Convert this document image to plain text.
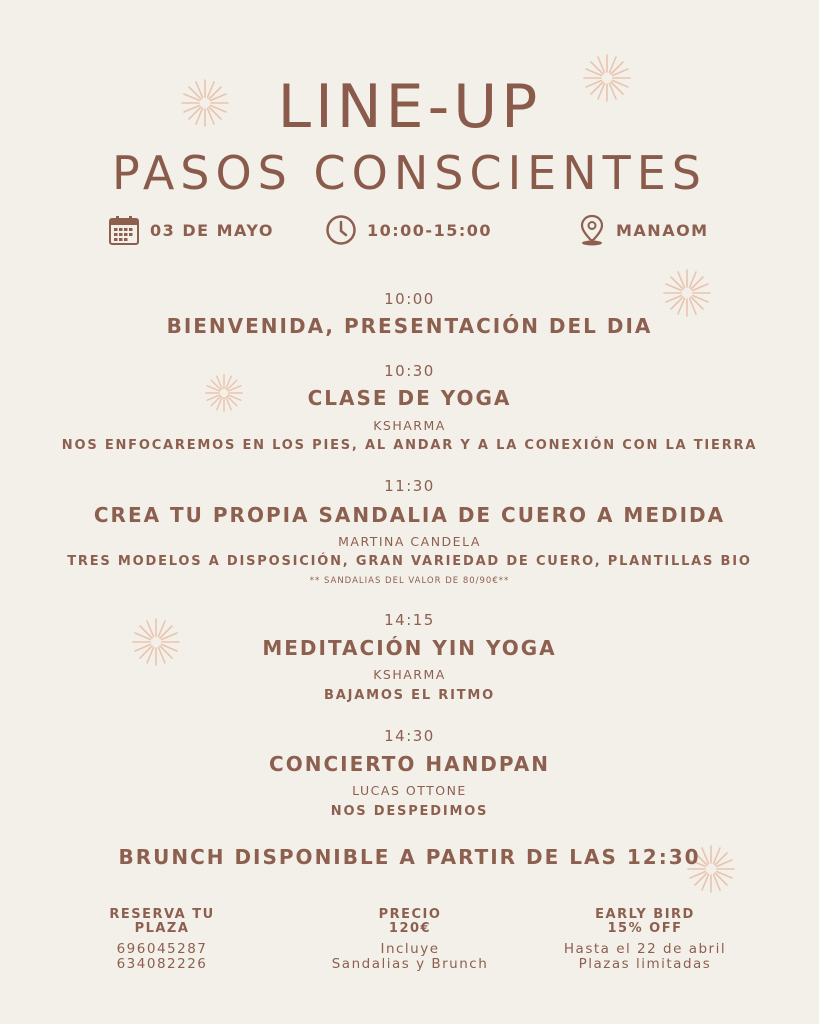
LINE-UP
PASOS CONSCIENTES
03 DE MAYO	10:00-15:00	MANAOM
10:00
BIENVENIDA, PRESENTACIÓN DEL DIA
10:30
CLASE DE YOGA
KSHARMA
NOS ENFOCAREMOS EN LOS PIES, AL ANDAR Y A LA CONEXIÓN CON LA TIERRA
11:30
CREA TU PROPIA SANDALIA DE CUERO A MEDIDA
MARTINA CANDELA
TRES MODELOS A DISPOSICIÓN, GRAN VARIEDAD DE CUERO, PLANTILLAS BIO
** SANDALIAS DEL VALOR DE 80/90€**
14:15
MEDITACIÓN YIN YOGA
KSHARMA
BAJAMOS EL RITMO
14:30
CONCIERTO HANDPAN
LUCAS OTTONE
NOS DESPEDIMOS
BRUNCH DISPONIBLE A PARTIR DE LAS 12:30
RESERVA TU
PLAZA
696045287
634082226
PRECIO
120€
Incluye
Sandalias y Brunch
EARLY BIRD
15% OFF
Hasta el 22 de abril
Plazas limitadas
